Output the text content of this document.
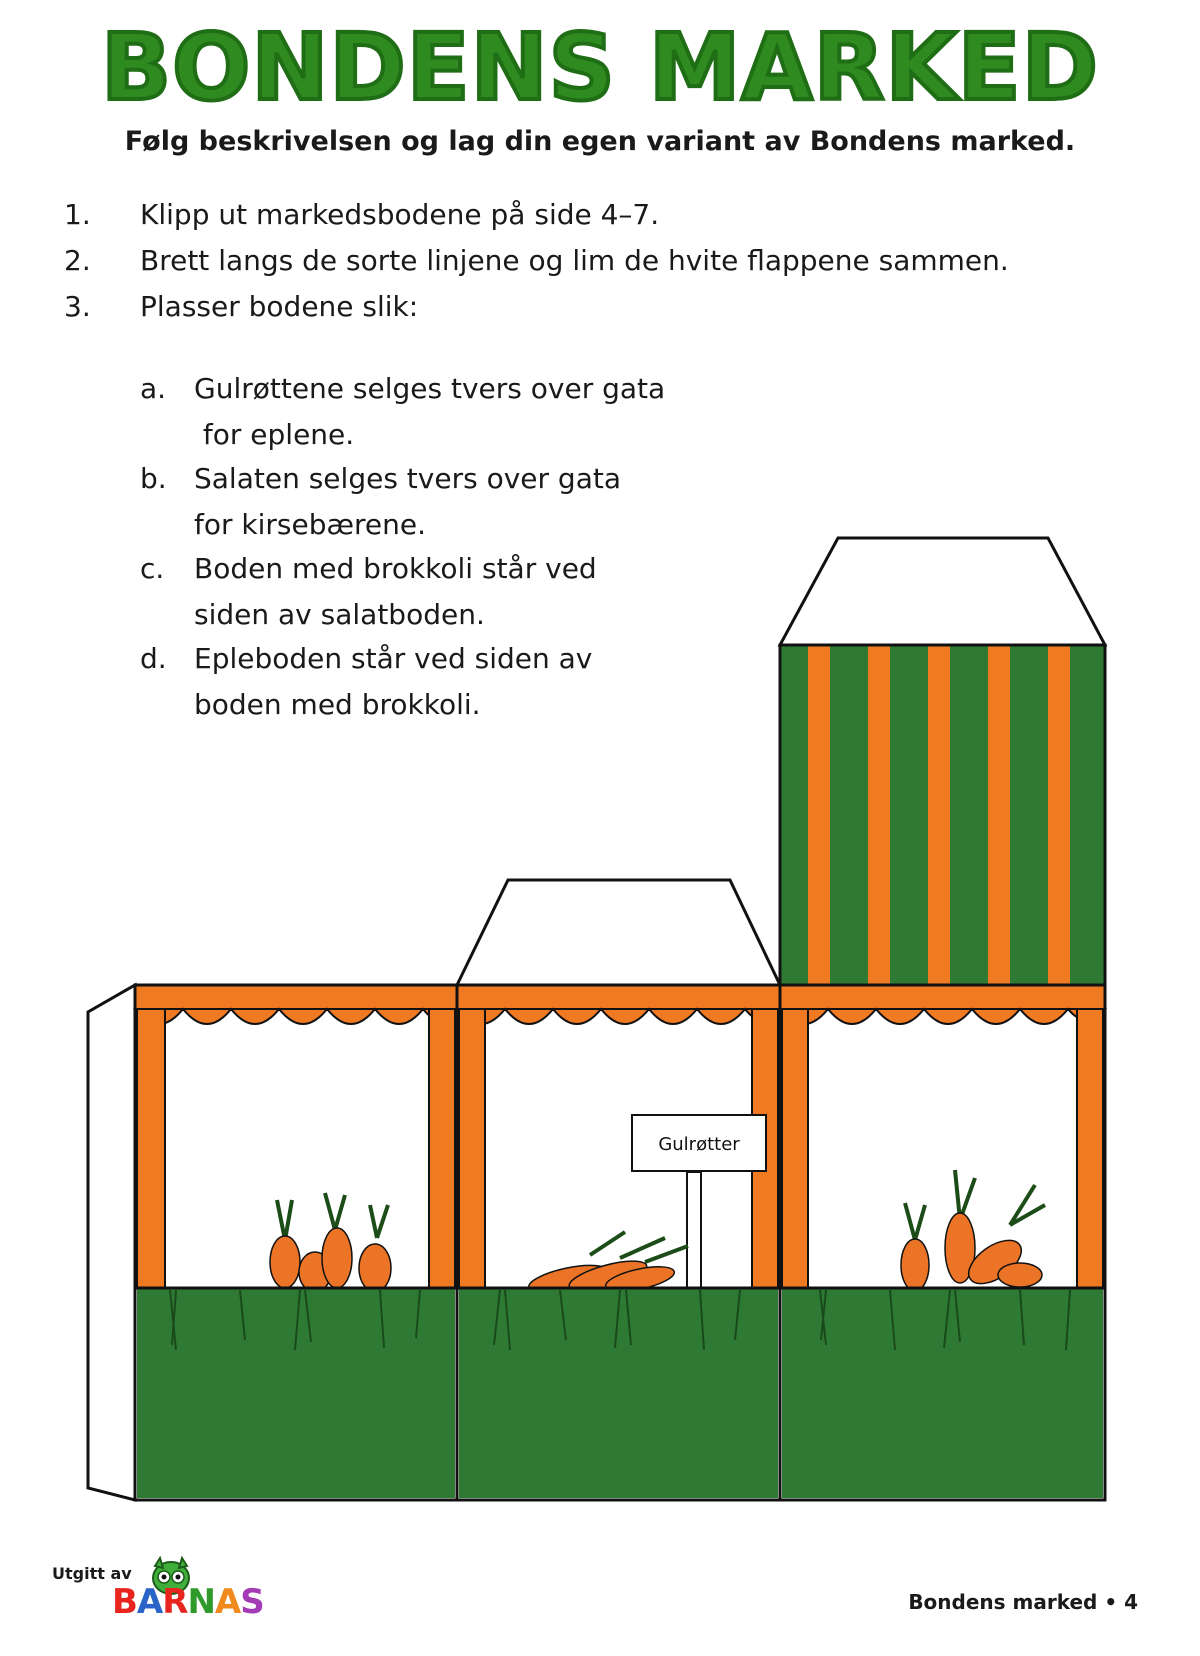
BONDENS MARKED
Følg beskrivelsen og lag din egen variant av Bondens marked.
1. Klipp ut markedsbodene på side 4–7.
2. Brett langs de sorte linjene og lim de hvite flappene sammen.
3. Plasser bodene slik:
a. Gulrøttene selges tvers over gata
for eplene.
b. Salaten selges tvers over gata
for kirsebærene.
c. Boden med brokkoli står ved
siden av salatboden.
d. Epleboden står ved siden av
boden med brokkoli.
Gulrøtter
Utgitt av
BARNAS	Bondens marked • 4
